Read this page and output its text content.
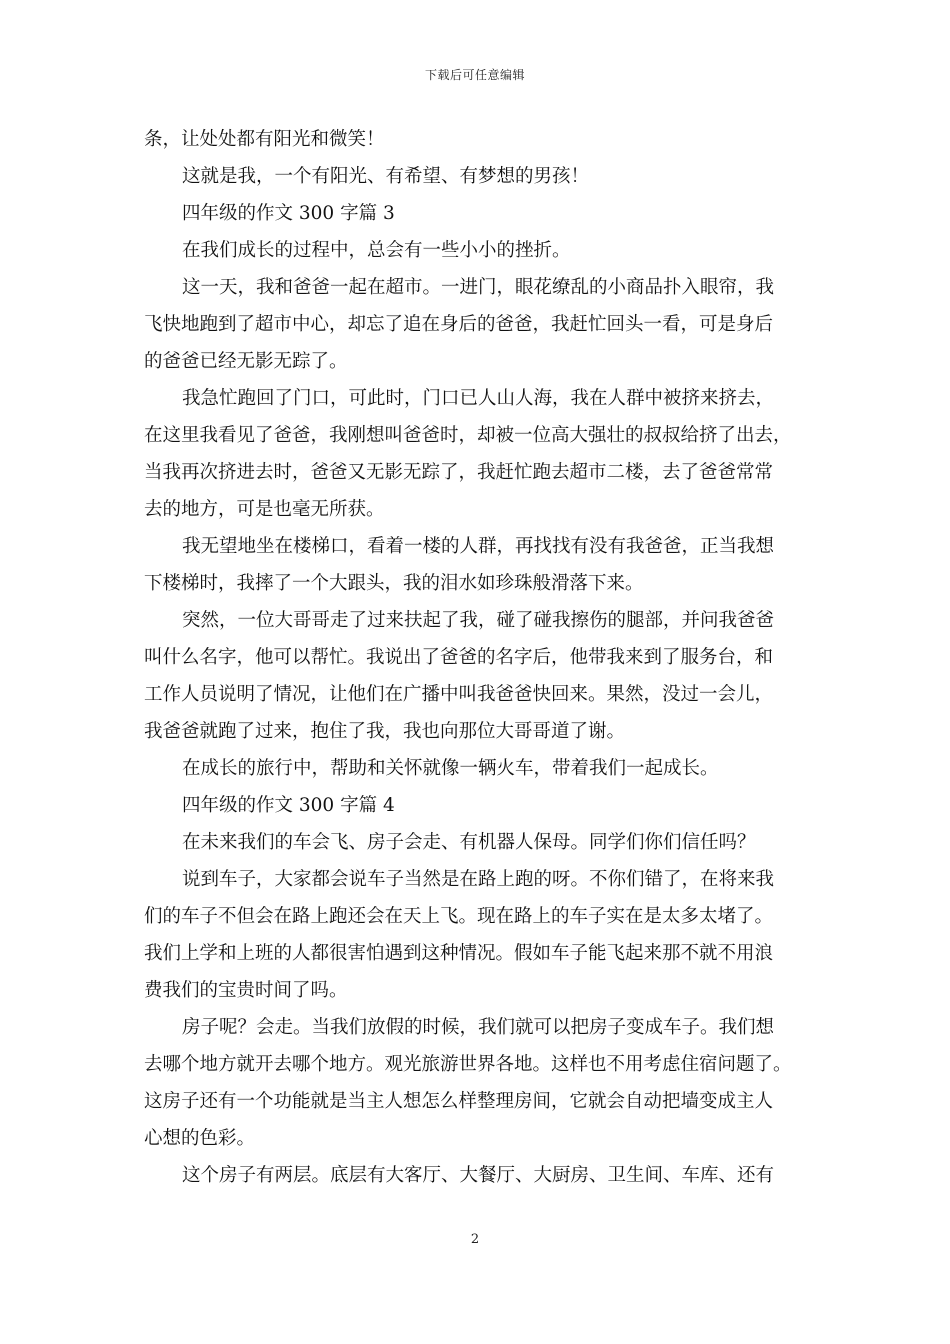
下载后可任意编辑
条，让处处都有阳光和微笑！
这就是我，一个有阳光、有希望、有梦想的男孩！
四年级的作文 300 字篇 3
在我们成长的过程中，总会有一些小小的挫折。
这一天，我和爸爸一起在超市。一进门，眼花缭乱的小商品扑入眼帘，我
飞快地跑到了超市中心，却忘了追在身后的爸爸，我赶忙回头一看，可是身后
的爸爸已经无影无踪了。
我急忙跑回了门口，可此时，门口已人山人海，我在人群中被挤来挤去，
在这里我看见了爸爸，我刚想叫爸爸时，却被一位高大强壮的叔叔给挤了出去，
当我再次挤进去时，爸爸又无影无踪了，我赶忙跑去超市二楼，去了爸爸常常
去的地方，可是也毫无所获。
我无望地坐在楼梯口，看着一楼的人群，再找找有没有我爸爸，正当我想
下楼梯时，我摔了一个大跟头，我的泪水如珍珠般滑落下来。
突然，一位大哥哥走了过来扶起了我，碰了碰我擦伤的腿部，并问我爸爸
叫什么名字，他可以帮忙。我说出了爸爸的名字后，他带我来到了服务台，和
工作人员说明了情况，让他们在广播中叫我爸爸快回来。果然，没过一会儿，
我爸爸就跑了过来，抱住了我，我也向那位大哥哥道了谢。
在成长的旅行中，帮助和关怀就像一辆火车，带着我们一起成长。
四年级的作文 300 字篇 4
在未来我们的车会飞、房子会走、有机器人保母。同学们你们信任吗？
说到车子，大家都会说车子当然是在路上跑的呀。不你们错了，在将来我
们的车子不但会在路上跑还会在天上飞。现在路上的车子实在是太多太堵了。
我们上学和上班的人都很害怕遇到这种情况。假如车子能飞起来那不就不用浪
费我们的宝贵时间了吗。
房子呢？会走。当我们放假的时候，我们就可以把房子变成车子。我们想
去哪个地方就开去哪个地方。观光旅游世界各地。这样也不用考虑住宿问题了。
这房子还有一个功能就是当主人想怎么样整理房间，它就会自动把墙变成主人
心想的色彩。
这个房子有两层。底层有大客厅、大餐厅、大厨房、卫生间、车库、还有
2
